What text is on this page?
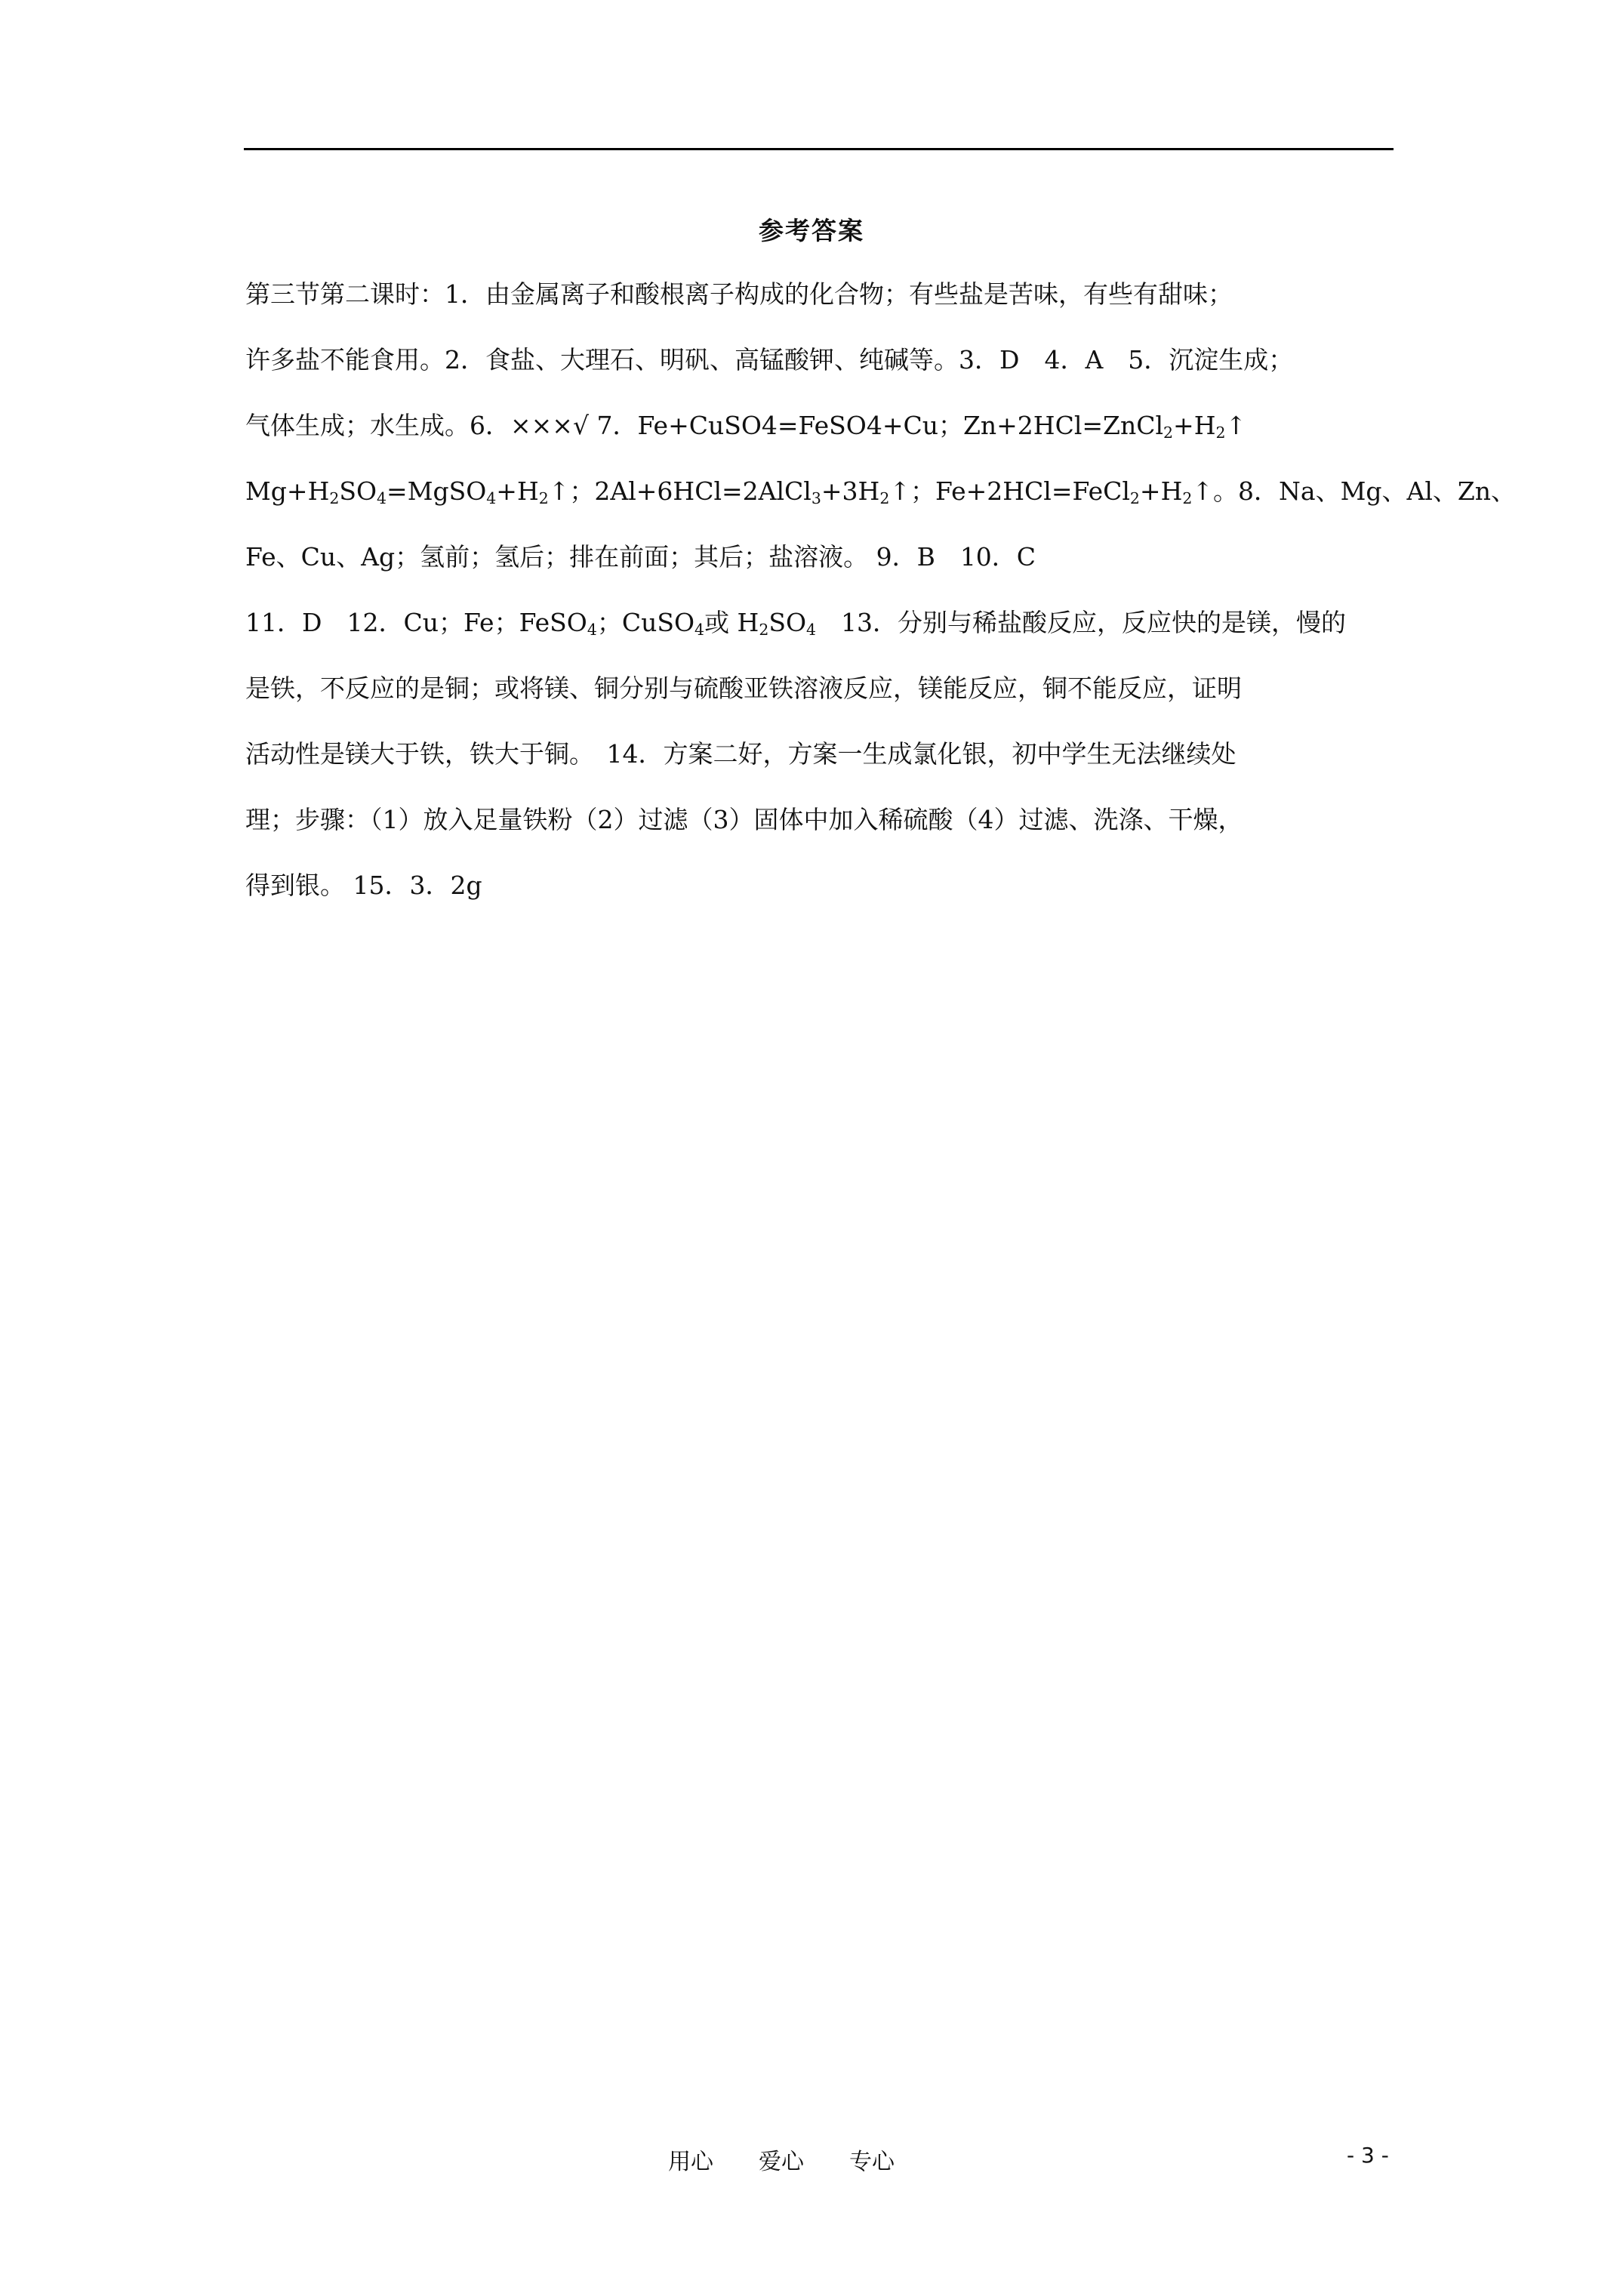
参考答案
第三节第二课时：1．由金属离子和酸根离子构成的化合物；有些盐是苦味，有些有甜味；
许多盐不能食用。2．食盐、大理石、明矾、高锰酸钾、纯碱等。3．D　4．A　5．沉淀生成；
气体生成；水生成。6．×××√ 7．Fe+CuSO4=FeSO4+Cu；$Zn+2HCl=ZnCl_2+H_2↑$
$Mg+H_2SO_4=MgSO_4+H_2↑$；$2Al+6HCl=2AlCl_3+3H_2↑$；$Fe+2HCl=FeCl_2+H_2↑$。8．Na、Mg、Al、Zn、
Fe、Cu、Ag；氢前；氢后；排在前面；其后；盐溶液。 9．B　10．C
11．D　12．Cu；Fe；FeSO$_4$；CuSO$_4$或 $H_2SO_4$　13．分别与稀盐酸反应，反应快的是镁，慢的
是铁，不反应的是铜；或将镁、铜分别与硫酸亚铁溶液反应，镁能反应，铜不能反应，证明
活动性是镁大于铁，铁大于铜。　14．方案二好，方案一生成氯化银，初中学生无法继续处
理；步骤：（1）放入足量铁粉（2）过滤（3）固体中加入稀硫酸（4）过滤、洗涤、干燥，
得到银。 15．3．2g
用心　　爱心　　专心	- 3 -
